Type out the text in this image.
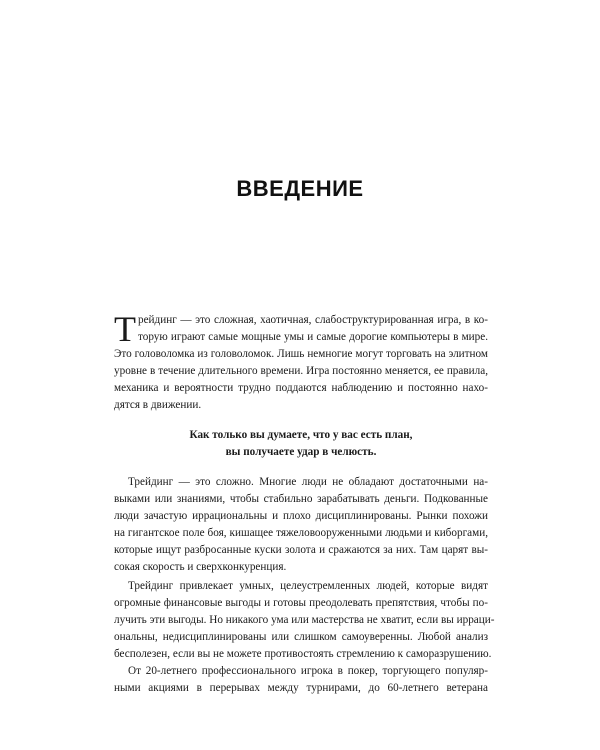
ВВЕДЕНИЕ
Т рейдинг — это сложная, хаотичная, слабоструктурированная игра, в ко-
торую играют самые мощные умы и самые дорогие компьютеры в мире.
Это головоломка из головоломок. Лишь немногие могут торговать на элитном
уровне в течение длительного времени. Игра постоянно меняется, ее правила,
механика и вероятности трудно поддаются наблюдению и постоянно нахо-
дятся в движении.
Как только вы думаете, что у вас есть план,
вы получаете удар в челюсть.
Трейдинг — это сложно. Многие люди не обладают достаточными на-
выками или знаниями, чтобы стабильно зарабатывать деньги. Подкованные
люди зачастую иррациональны и плохо дисциплинированы. Рынки похожи
на гигантское поле боя, кишащее тяжеловооруженными людьми и киборгами,
которые ищут разбросанные куски золота и сражаются за них. Там царят вы-
сокая скорость и сверхконкуренция.
Трейдинг привлекает умных, целеустремленных людей, которые видят
огромные финансовые выгоды и готовы преодолевать препятствия, чтобы по-
лучить эти выгоды. Но никакого ума или мастерства не хватит, если вы ирраци-
ональны, недисциплинированы или слишком самоуверенны. Любой анализ
бесполезен, если вы не можете противостоять стремлению к саморазрушению.
От 20-летнего профессионального игрока в покер, торгующего популяр-
ными акциями в перерывах между турнирами, до 60-летнего ветерана
